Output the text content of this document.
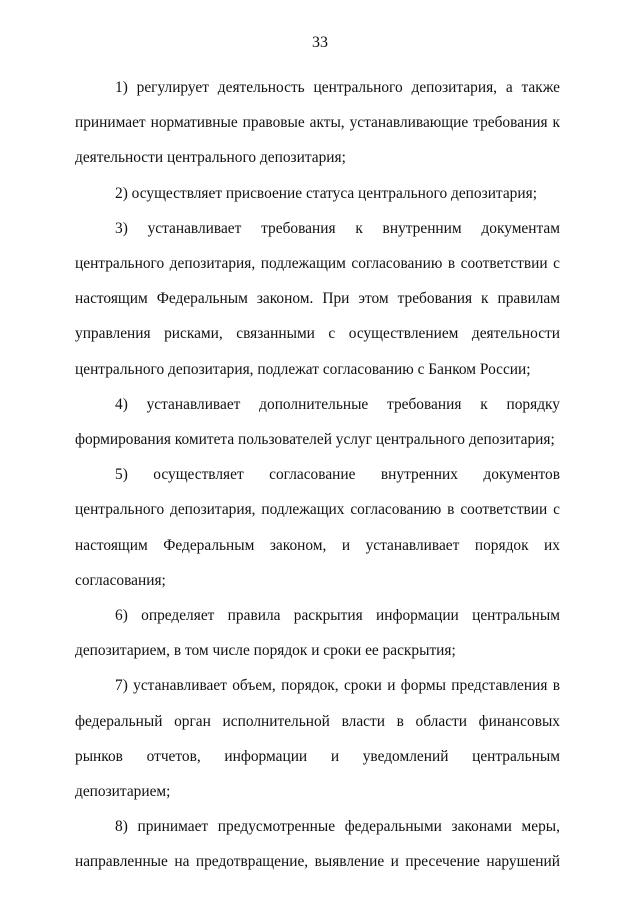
33

1) регулирует деятельность центрального депозитария, а также принимает нормативные правовые акты, устанавливающие требования к деятельности центрального депозитария;

2) осуществляет присвоение статуса центрального депозитария;

3) устанавливает требования к внутренним документам центрального депозитария, подлежащим согласованию в соответствии с настоящим Федеральным законом. При этом требования к правилам управления рисками, связанными с осуществлением деятельности центрального депозитария, подлежат согласованию с Банком России;

4) устанавливает дополнительные требования к порядку формирования комитета пользователей услуг центрального депозитария;

5) осуществляет согласование внутренних документов центрального депозитария, подлежащих согласованию в соответствии с настоящим Федеральным законом, и устанавливает порядок их согласования;

6) определяет правила раскрытия информации центральным депозитарием, в том числе порядок и сроки ее раскрытия;

7) устанавливает объем, порядок, сроки и формы представления в федеральный орган исполнительной власти в области финансовых рынков отчетов, информации и уведомлений центральным депозитарием;

8) принимает предусмотренные федеральными законами меры, направленные на предотвращение, выявление и пресечение нарушений
